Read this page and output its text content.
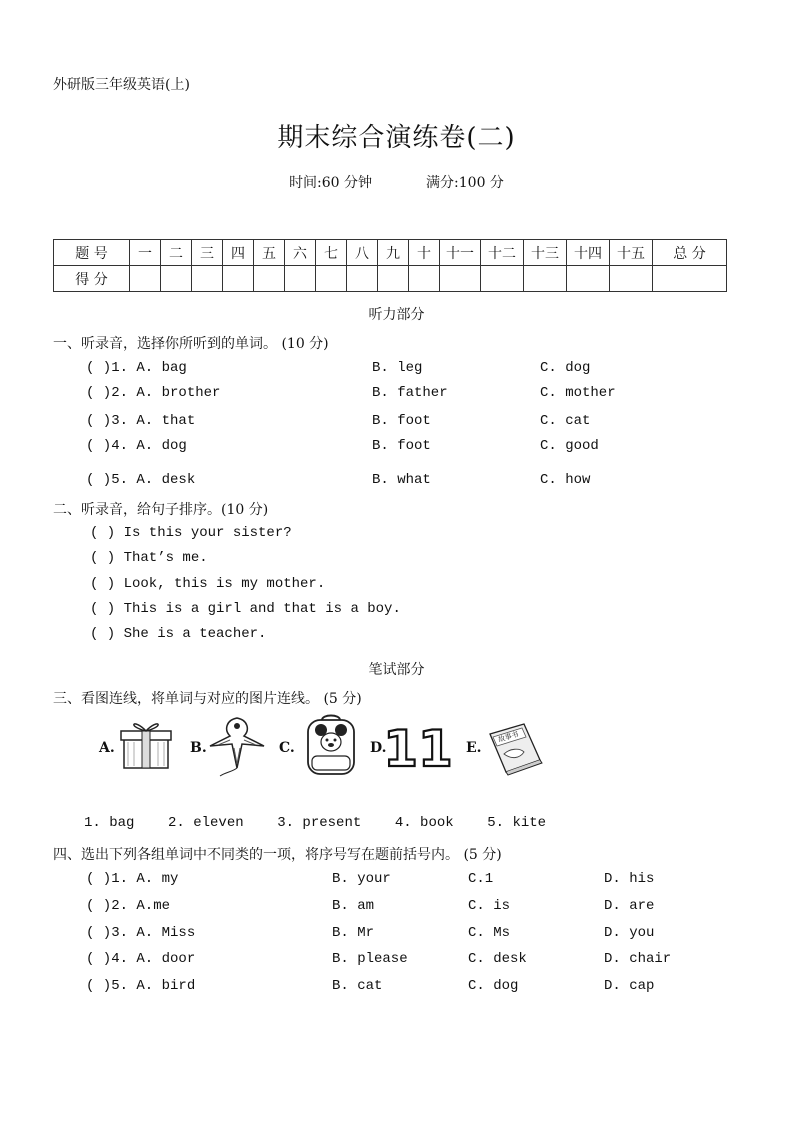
外研版三年级英语(上)
期末综合演练卷(二)
时间:60 分钟	满分:100 分
题 号	一	二	三	四	五	六	七	八	九	十	十一	十二	十三	十四	十五	总 分
得 分																
听力部分
一、听录音，选择你所听到的单词。 (10 分)
( )1. A. bag	B. leg	C. dog
( )2. A. brother	B. father	C. mother
( )3. A. that	B. foot	C. cat
( )4. A. dog	B. foot	C. good
( )5. A. desk	B. what	C. how
二、听录音，给句子排序。(10 分)
( ) Is this your sister?
( ) That’s me.
( ) Look, this is my mother.
( ) This is a girl and that is a boy.
( ) She is a teacher.
笔试部分
三、看图连线，将单词与对应的图片连线。 (5 分)
A.	B.	C.	D.
11 E.
故事书
1. bag    2. eleven    3. present    4. book    5. kite
四、选出下列各组单词中不同类的一项，将序号写在题前括号内。 (5 分)
( )1. A. my	B. your	C.1	D. his
( )2. A.me	B. am	C. is	D. are
( )3. A. Miss	B. Mr	C. Ms	D. you
( )4. A. door	B. please	C. desk	D. chair
( )5. A. bird	B. cat	C. dog	D. cap
